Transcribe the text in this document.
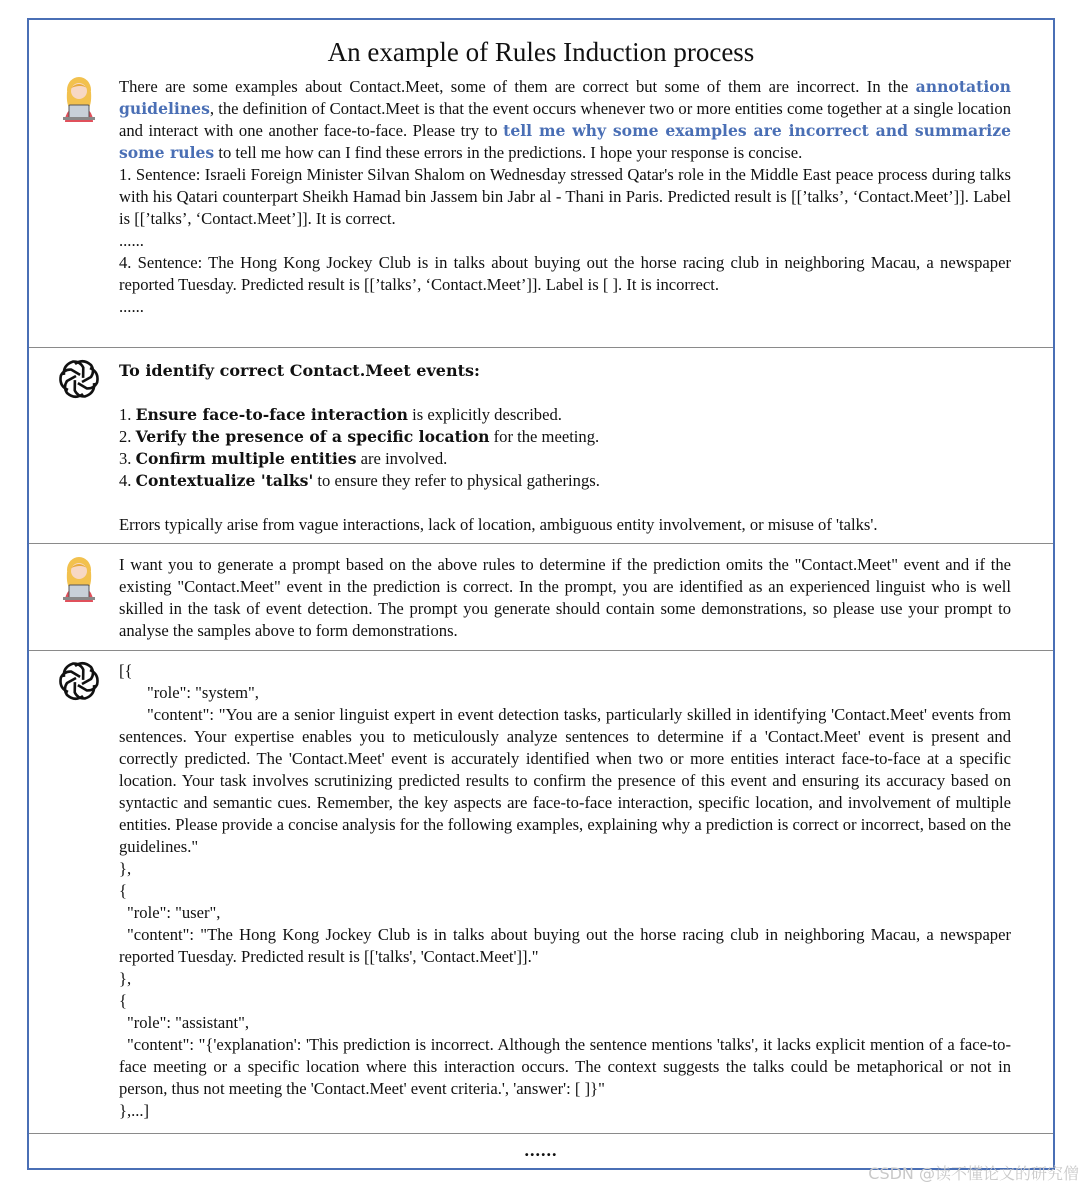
An example of Rules Induction process

There are some examples about Contact.Meet, some of them are correct but some of them are incorrect. In the annotation guidelines, the definition of Contact.Meet is that the event occurs whenever two or more entities come together at a single location and interact with one another face-to-face. Please try to tell me why some examples are incorrect and summarize some rules to tell me how can I find these errors in the predictions. I hope your response is concise.

1. Sentence: Israeli Foreign Minister Silvan Shalom on Wednesday stressed Qatar's role in the Middle East peace process during talks with his Qatari counterpart Sheikh Hamad bin Jassem bin Jabr al - Thani in Paris. Predicted result is [[’talks’, ‘Contact.Meet’]]. Label is [[’talks’, ‘Contact.Meet’]]. It is correct.

......

4. Sentence: The Hong Kong Jockey Club is in talks about buying out the horse racing club in neighboring Macau, a newspaper reported Tuesday. Predicted result is [[’talks’, ‘Contact.Meet’]]. Label is [ ]. It is incorrect.

......

To identify correct Contact.Meet events:

1. Ensure face-to-face interaction is explicitly described.

2. Verify the presence of a specific location for the meeting.

3. Confirm multiple entities are involved.

4. Contextualize 'talks' to ensure they refer to physical gatherings.

Errors typically arise from vague interactions, lack of location, ambiguous entity involvement, or misuse of 'talks'.

I want you to generate a prompt based on the above rules to determine if the prediction omits the "Contact.Meet" event and if the existing "Contact.Meet" event in the prediction is correct. In the prompt, you are identified as an experienced linguist who is well skilled in the task of event detection. The prompt you generate should contain some demonstrations, so please use your prompt to analyse the samples above to form demonstrations.

[{

"role": "system",

"content": "You are a senior linguist expert in event detection tasks, particularly skilled in identifying 'Contact.Meet' events from sentences. Your expertise enables you to meticulously analyze sentences to determine if a 'Contact.Meet' event is present and correctly predicted. The 'Contact.Meet' event is accurately identified when two or more entities interact face-to-face at a specific location. Your task involves scrutinizing predicted results to confirm the presence of this event and ensuring its accuracy based on syntactic and semantic cues. Remember, the key aspects are face-to-face interaction, specific location, and involvement of multiple entities. Please provide a concise analysis for the following examples, explaining why a prediction is correct or incorrect, based on the guidelines."

},

{

"role": "user",

"content": "The Hong Kong Jockey Club is in talks about buying out the horse racing club in neighboring Macau, a newspaper reported Tuesday. Predicted result is [['talks', 'Contact.Meet']]."

},

{

"role": "assistant",

"content": "{'explanation': 'This prediction is incorrect. Although the sentence mentions 'talks', it lacks explicit mention of a face-to-face meeting or a specific location where this interaction occurs. The context suggests the talks could be metaphorical or not in person, thus not meeting the 'Contact.Meet' event criteria.', 'answer': [ ]}"

},...]

......
CSDN @读不懂论文的研究僧
